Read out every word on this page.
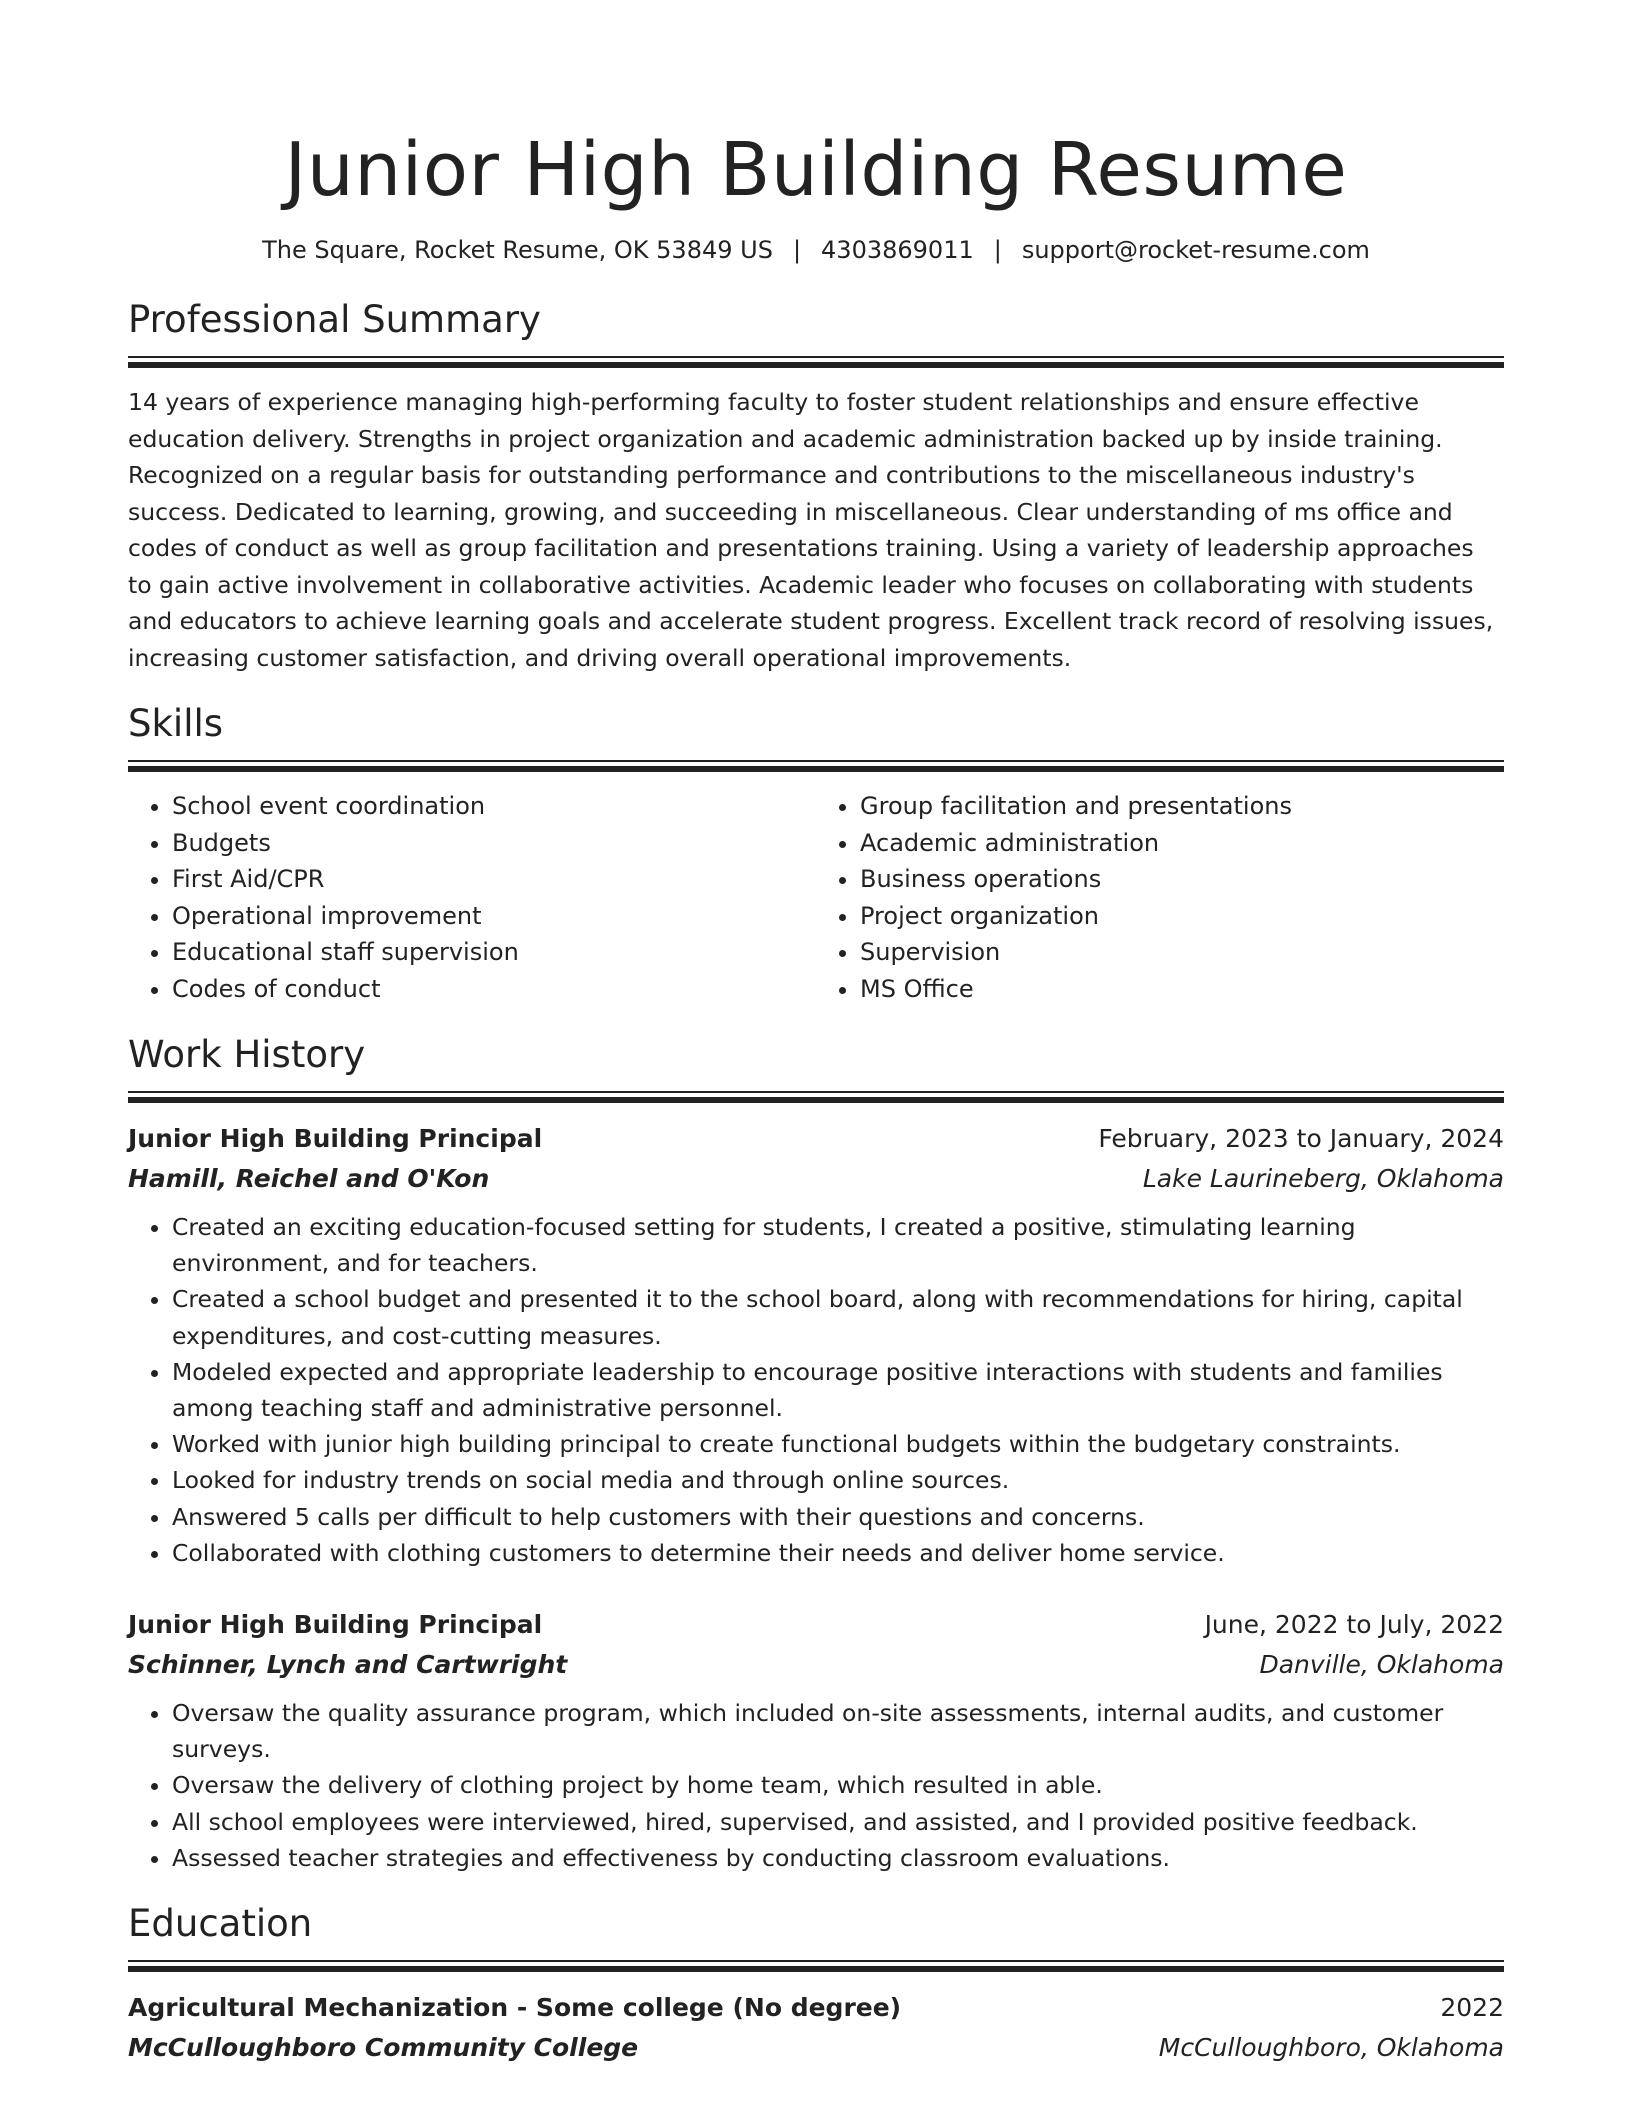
Junior High Building Resume
The Square, Rocket Resume, OK 53849 US | 4303869011 | support@rocket-resume.com
Professional Summary

14 years of experience managing high-performing faculty to foster student relationships and ensure effective education delivery. Strengths in project organization and academic administration backed up by inside training. Recognized on a regular basis for outstanding performance and contributions to the miscellaneous industry's success. Dedicated to learning, growing, and succeeding in miscellaneous. Clear understanding of ms office and codes of conduct as well as group facilitation and presentations training. Using a variety of leadership approaches to gain active involvement in collaborative activities. Academic leader who focuses on collaborating with students and educators to achieve learning goals and accelerate student progress. Excellent track record of resolving issues, increasing customer satisfaction, and driving overall operational improvements.

Skills
• School event coordination
• Budgets
• First Aid/CPR
• Operational improvement
• Educational staff supervision
• Codes of conduct
• Group facilitation and presentations
• Academic administration
• Business operations
• Project organization
• Supervision
• MS Office
Work History
Junior High Building Principal	February, 2023 to January, 2024
Hamill, Reichel and O'Kon	Lake Laurineberg, Oklahoma
• Created an exciting education-focused setting for students, I created a positive, stimulating learning environment, and for teachers.
• Created a school budget and presented it to the school board, along with recommendations for hiring, capital expenditures, and cost-cutting measures.
• Modeled expected and appropriate leadership to encourage positive interactions with students and families among teaching staff and administrative personnel.
• Worked with junior high building principal to create functional budgets within the budgetary constraints.
• Looked for industry trends on social media and through online sources.
• Answered 5 calls per difficult to help customers with their questions and concerns.
• Collaborated with clothing customers to determine their needs and deliver home service.
Junior High Building Principal	June, 2022 to July, 2022
Schinner, Lynch and Cartwright	Danville, Oklahoma
• Oversaw the quality assurance program, which included on-site assessments, internal audits, and customer surveys.
• Oversaw the delivery of clothing project by home team, which resulted in able.
• All school employees were interviewed, hired, supervised, and assisted, and I provided positive feedback.
• Assessed teacher strategies and effectiveness by conducting classroom evaluations.
Education
Agricultural Mechanization - Some college (No degree)	2022
McCulloughboro Community College	McCulloughboro, Oklahoma
